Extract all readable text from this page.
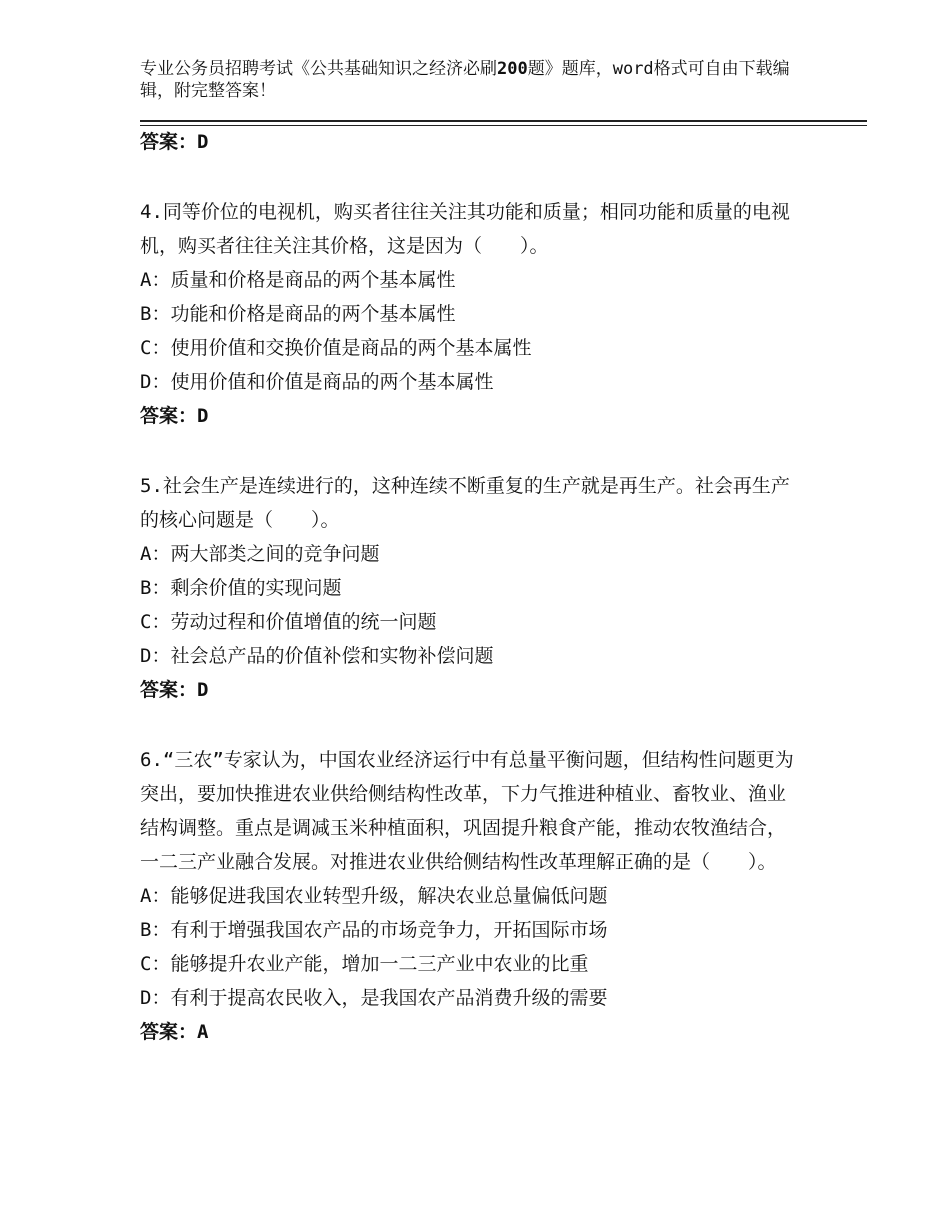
专业公务员招聘考试《公共基础知识之经济必刷200题》题库，word格式可自由下载编辑，附完整答案！

答案：D

4.同等价位的电视机，购买者往往关注其功能和质量；相同功能和质量的电视机，购买者往往关注其价格，这是因为（　　）。

A：质量和价格是商品的两个基本属性

B：功能和价格是商品的两个基本属性

C：使用价值和交换价值是商品的两个基本属性

D：使用价值和价值是商品的两个基本属性

答案：D

5.社会生产是连续进行的，这种连续不断重复的生产就是再生产。社会再生产的核心问题是（　　）。

A：两大部类之间的竞争问题

B：剩余价值的实现问题

C：劳动过程和价值增值的统一问题

D：社会总产品的价值补偿和实物补偿问题

答案：D

6.“三农”专家认为，中国农业经济运行中有总量平衡问题，但结构性问题更为突出，要加快推进农业供给侧结构性改革，下力气推进种植业、畜牧业、渔业结构调整。重点是调减玉米种植面积，巩固提升粮食产能，推动农牧渔结合，一二三产业融合发展。对推进农业供给侧结构性改革理解正确的是（　　）。

A：能够促进我国农业转型升级，解决农业总量偏低问题

B：有利于增强我国农产品的市场竞争力，开拓国际市场

C：能够提升农业产能，增加一二三产业中农业的比重

D：有利于提高农民收入，是我国农产品消费升级的需要

答案：A
